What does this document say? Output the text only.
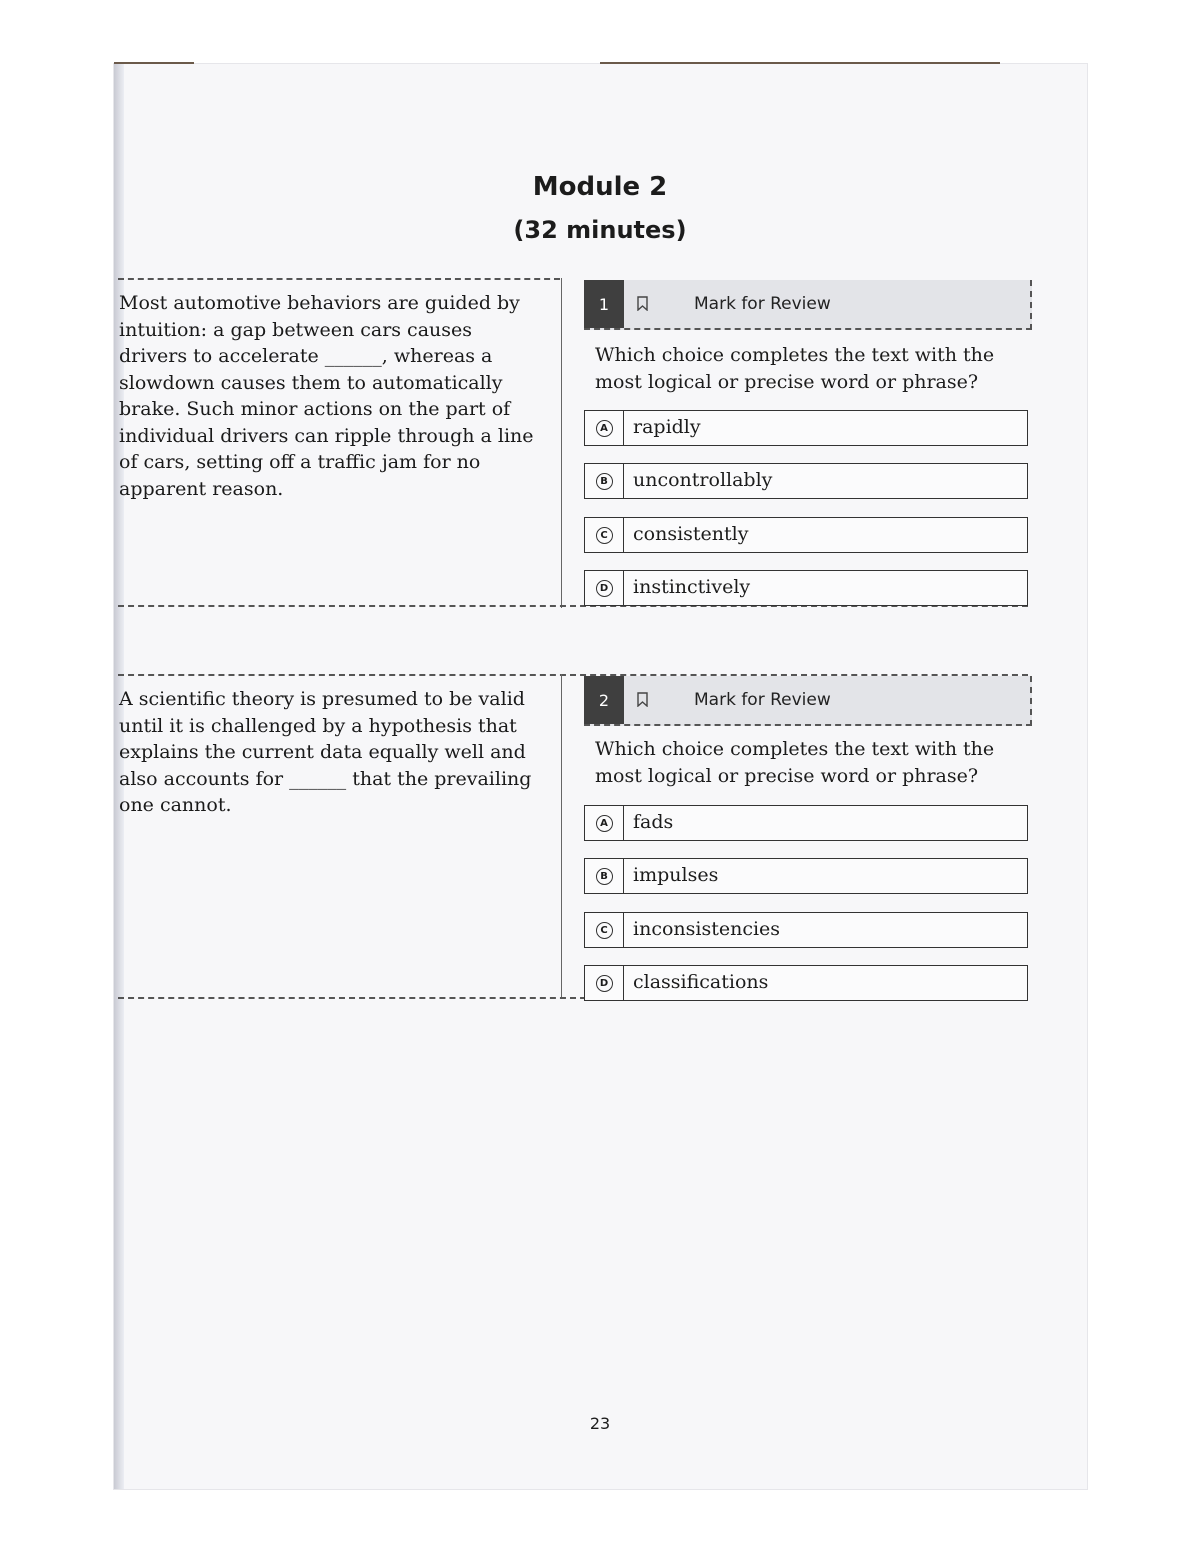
Module 2
(32 minutes)
Most automotive behaviors are guided by intuition: a gap between cars causes drivers to accelerate ______, whereas a slowdown causes them to automatically brake. Such minor actions on the part of individual drivers can ripple through a line of cars, setting off a traffic jam for no apparent reason.
1	Mark for Review
Which choice completes the text with the most logical or precise word or phrase?
A rapidly
B uncontrollably
C consistently
D instinctively
A scientific theory is presumed to be valid until it is challenged by a hypothesis that explains the current data equally well and also accounts for ______ that the prevailing one cannot.
2	Mark for Review
Which choice completes the text with the most logical or precise word or phrase?
A fads
B impulses
C inconsistencies
D classifications
23
